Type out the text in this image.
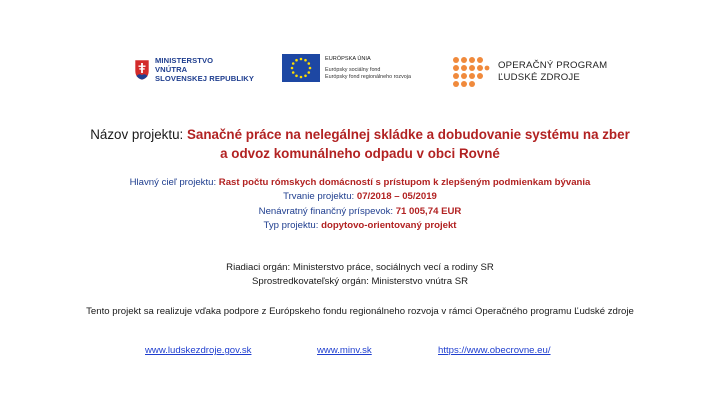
MINISTERSTVO
VNÚTRA
SLOVENSKEJ REPUBLIKY
EURÓPSKA ÚNIA
Európsky sociálny fond
Európsky fond regionálneho rozvoja
OPERAČNÝ PROGRAM
ĽUDSKÉ ZDROJE
Názov projektu: Sanačné práce na nelegálnej skládke a dobudovanie systému na zber
a odvoz komunálneho odpadu v obci Rovné
Hlavný cieľ projektu: Rast počtu rómskych domácností s prístupom k zlepšeným podmienkam bývania
Trvanie projektu: 07/2018 – 05/2019
Nenávratný finančný príspevok: 71 005,74 EUR
Typ projektu: dopytovo-orientovaný projekt
Riadiaci orgán: Ministerstvo práce, sociálnych vecí a rodiny SR
Sprostredkovateľský orgán: Ministerstvo vnútra SR
Tento projekt sa realizuje vďaka podpore z Európskeho fondu regionálneho rozvoja v rámci Operačného programu Ľudské zdroje
www.ludskezdroje.gov.sk	www.minv.sk	https://www.obecrovne.eu/
